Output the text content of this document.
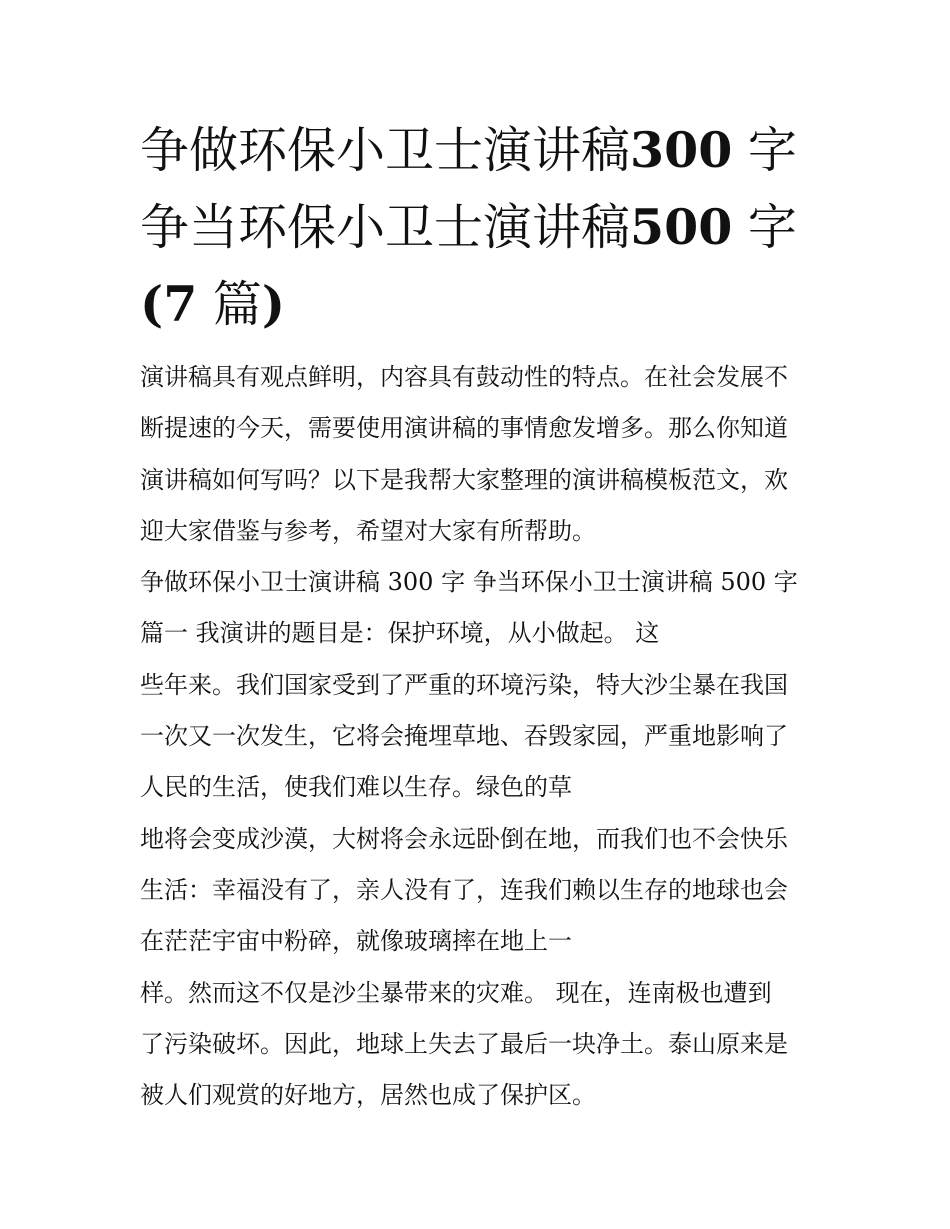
争做环保小卫士演讲稿300 字
争当环保小卫士演讲稿500 字
(7 篇)

演讲稿具有观点鲜明，内容具有鼓动性的特点。在社会发展不

断提速的今天，需要使用演讲稿的事情愈发增多。那么你知道

演讲稿如何写吗？以下是我帮大家整理的演讲稿模板范文，欢

迎大家借鉴与参考，希望对大家有所帮助。

争做环保小卫士演讲稿 300 字 争当环保小卫士演讲稿 500 字

篇一 我演讲的题目是：保护环境，从小做起。 这

些年来。我们国家受到了严重的环境污染，特大沙尘暴在我国

一次又一次发生，它将会掩埋草地、吞毁家园，严重地影响了

人民的生活，使我们难以生存。绿色的草

地将会变成沙漠，大树将会永远卧倒在地，而我们也不会快乐

生活：幸福没有了，亲人没有了，连我们赖以生存的地球也会

在茫茫宇宙中粉碎，就像玻璃摔在地上一

样。然而这不仅是沙尘暴带来的灾难。 现在，连南极也遭到

了污染破坏。因此，地球上失去了最后一块净土。泰山原来是

被人们观赏的好地方，居然也成了保护区。
